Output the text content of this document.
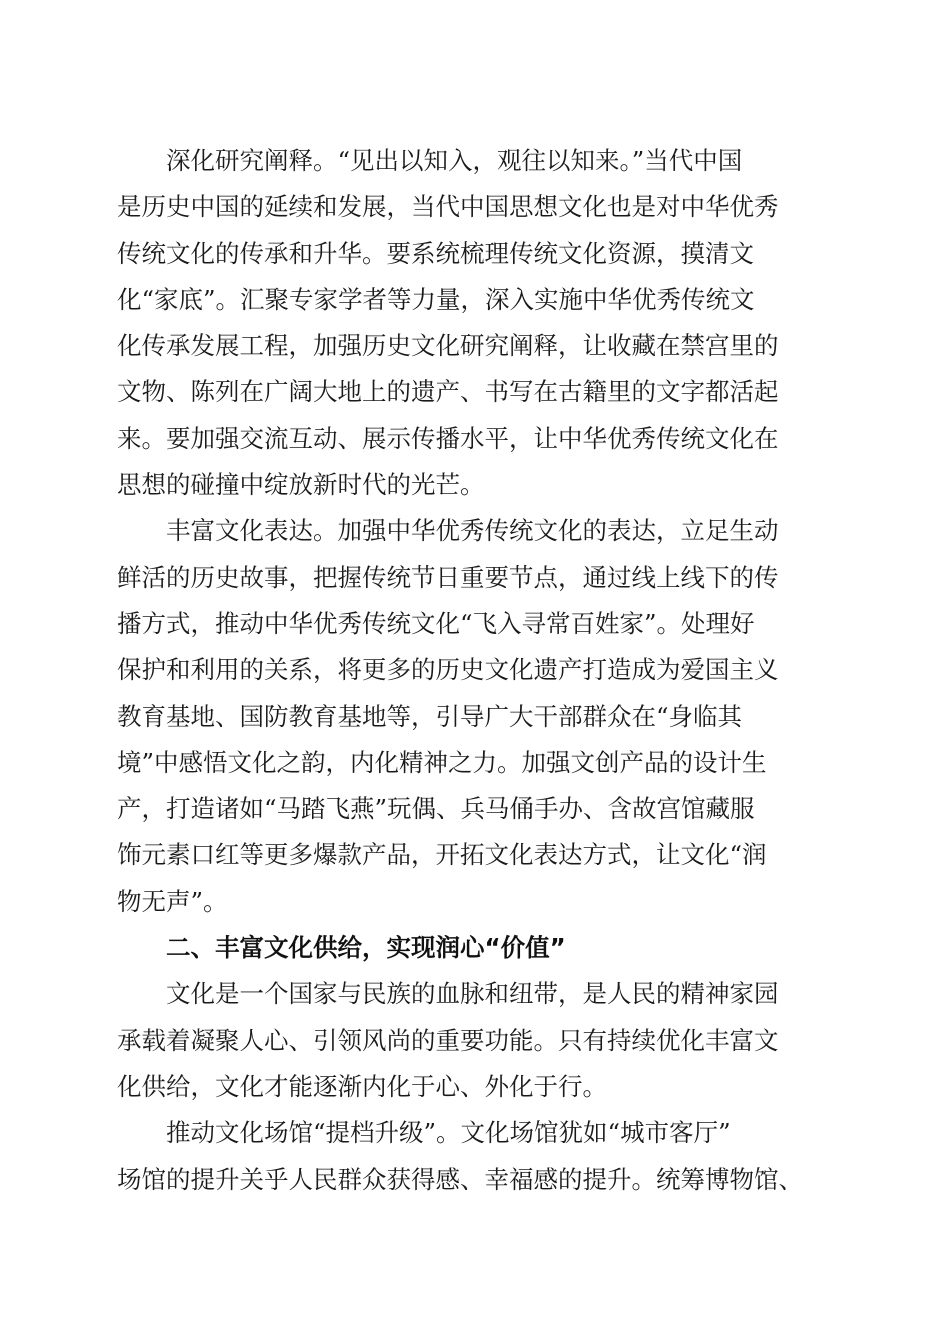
　　深化研究阐释。“见出以知入，观往以知来。”当代中国
是历史中国的延续和发展，当代中国思想文化也是对中华优秀
传统文化的传承和升华。要系统梳理传统文化资源，摸清文
化“家底”。汇聚专家学者等力量，深入实施中华优秀传统文
化传承发展工程，加强历史文化研究阐释，让收藏在禁宫里的
文物、陈列在广阔大地上的遗产、书写在古籍里的文字都活起
来。要加强交流互动、展示传播水平，让中华优秀传统文化在
思想的碰撞中绽放新时代的光芒。

　　丰富文化表达。加强中华优秀传统文化的表达，立足生动
鲜活的历史故事，把握传统节日重要节点，通过线上线下的传
播方式，推动中华优秀传统文化“飞入寻常百姓家”。处理好
保护和利用的关系，将更多的历史文化遗产打造成为爱国主义
教育基地、国防教育基地等，引导广大干部群众在“身临其
境”中感悟文化之韵，内化精神之力。加强文创产品的设计生
产，打造诸如“马踏飞燕”玩偶、兵马俑手办、含故宫馆藏服
饰元素口红等更多爆款产品，开拓文化表达方式，让文化“润
物无声”。

　　二、丰富文化供给，实现润心“价值”

　　文化是一个国家与民族的血脉和纽带，是人民的精神家园
承载着凝聚人心、引领风尚的重要功能。只有持续优化丰富文
化供给，文化才能逐渐内化于心、外化于行。

　　推动文化场馆“提档升级”。文化场馆犹如“城市客厅”
场馆的提升关乎人民群众获得感、幸福感的提升。统筹博物馆、
